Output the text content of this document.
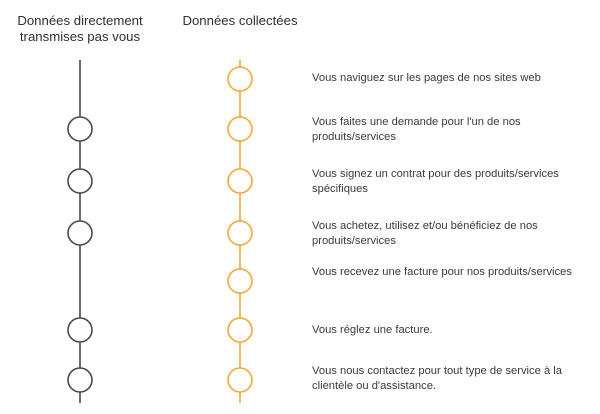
Données directement
transmises pas vous
Données collectées
Vous naviguez sur les pages de nos sites web
Vous faites une demande pour l'un de nos produits/services
Vous signez un contrat pour des produits/services spécifiques
Vous achetez, utilisez et/ou bénéficiez de nos produits/services
Vous recevez une facture pour nos produits/services
Vous réglez une facture.
Vous nous contactez pour tout type de service à la clientèle ou d'assistance.
